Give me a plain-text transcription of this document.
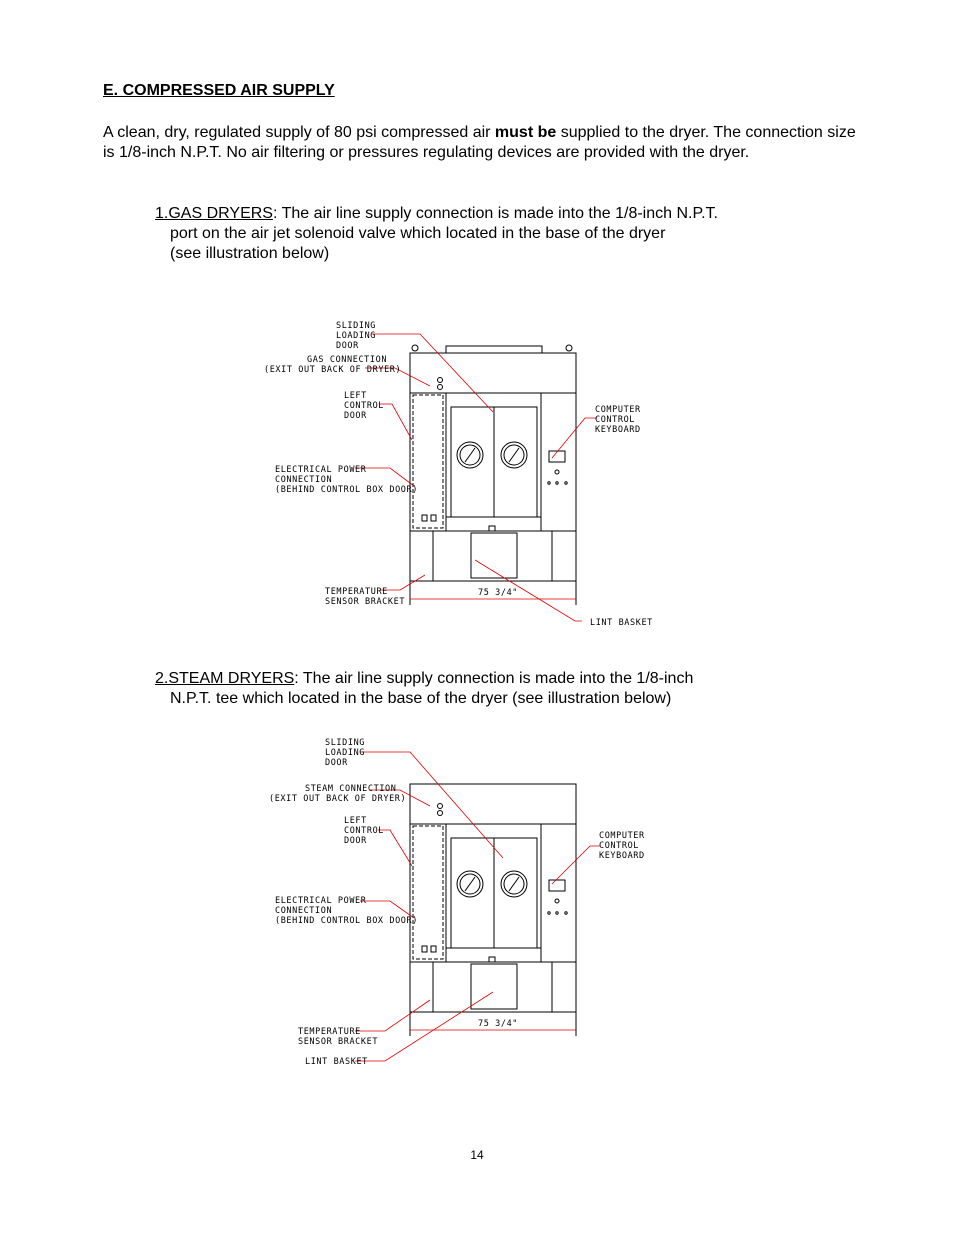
E. COMPRESSED AIR SUPPLY

A clean, dry, regulated supply of 80 psi compressed air must be supplied to the dryer. The connection size is 1/8-inch N.P.T. No air filtering or pressures regulating devices are provided with the dryer.

1.GAS DRYERS: The air line supply connection is made into the 1/8-inch N.P.T.
port on the air jet solenoid valve which located in the base of the dryer
(see illustration below)

2.STEAM DRYERS: The air line supply connection is made into the 1/8-inch
N.P.T. tee which located in the base of the dryer (see illustration below)

SLIDING
LOADING
DOOR
GAS CONNECTION
(EXIT OUT BACK OF DRYER)
LEFT
CONTROL
DOOR
ELECTRICAL POWER
CONNECTION
(BEHIND CONTROL BOX DOOR)
TEMPERATURE
SENSOR BRACKET
COMPUTER
CONTROL
KEYBOARD
LINT BASKET
75 3/4"
SLIDING
LOADING
DOOR
STEAM CONNECTION
(EXIT OUT BACK OF DRYER)
LEFT
CONTROL
DOOR
ELECTRICAL POWER
CONNECTION
(BEHIND CONTROL BOX DOOR)
TEMPERATURE
SENSOR BRACKET
LINT BASKET
COMPUTER
CONTROL
KEYBOARD
75 3/4"
14
